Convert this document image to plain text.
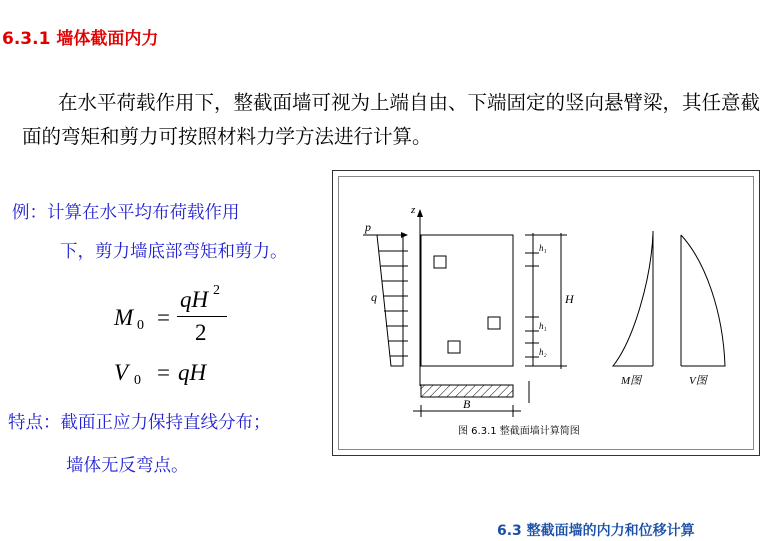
6.3.1 墙体截面内力
在水平荷载作用下，整截面墙可视为上端自由、下端固定的竖向悬臂梁，其任意截面的弯矩和剪力可按照材料力学方法进行计算。
例：计算在水平均布荷载作用
下，剪力墙底部弯矩和剪力。
M 0 =
qH 2
2
V 0 = qH
特点：截面正应力保持直线分布；
墙体无反弯点。
z
p
q
h₁
h₁
h₂
H
B
M图	V图
图 6.3.1 整截面墙计算简图
6.3 整截面墙的内力和位移计算
